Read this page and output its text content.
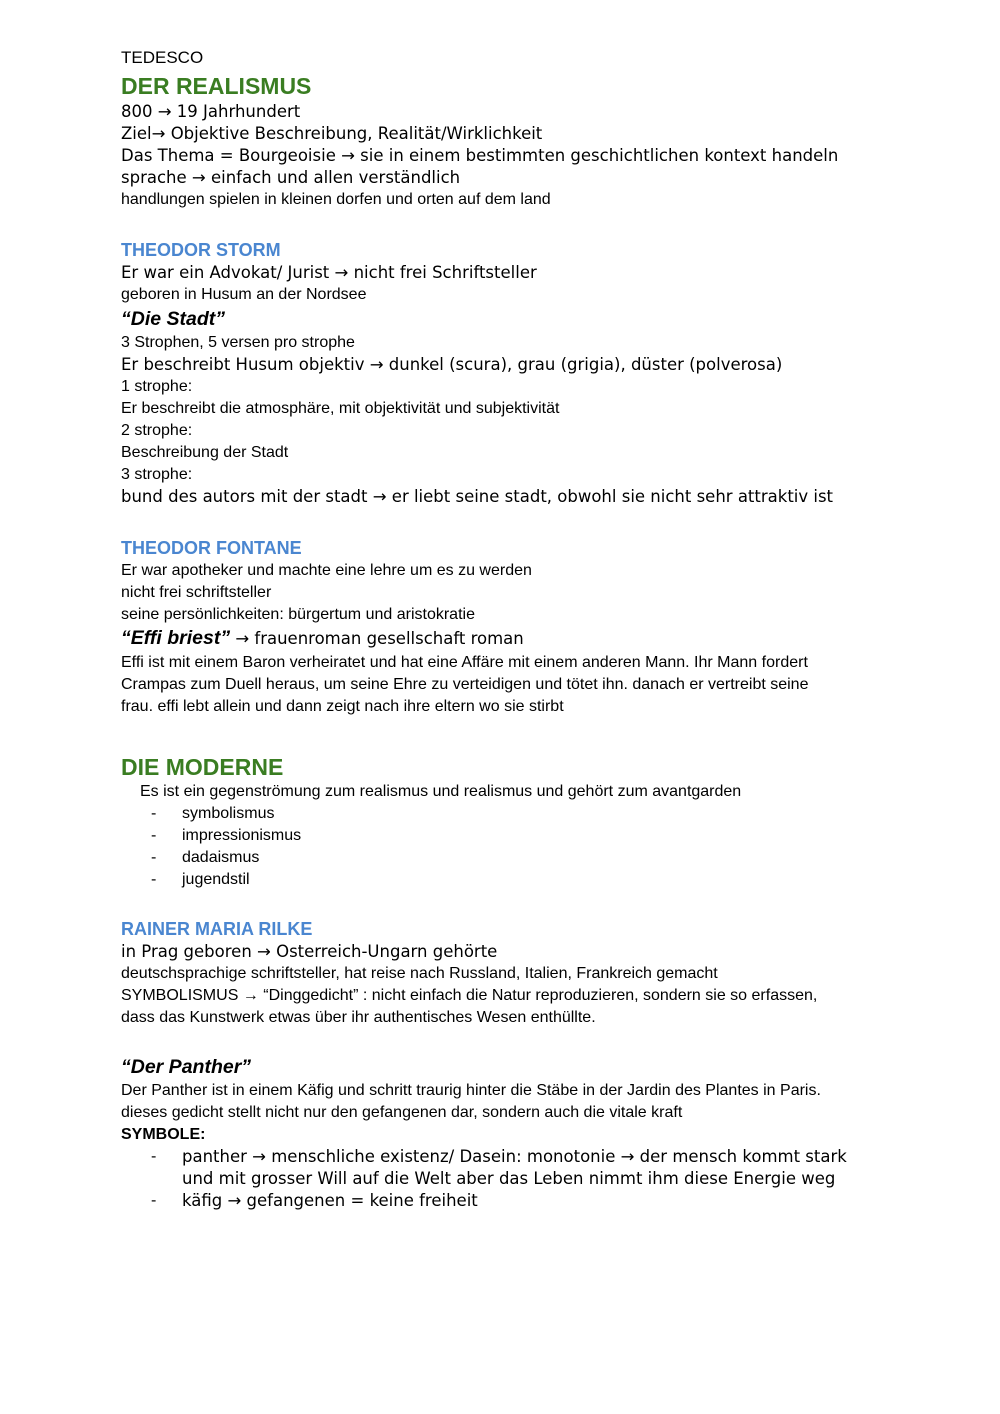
TEDESCO
DER REALISMUS
800 → 19 Jahrhundert
Ziel→ Objektive Beschreibung, Realität/Wirklichkeit
Das Thema = Bourgeoisie → sie in einem bestimmten geschichtlichen kontext handeln
sprache → einfach und allen verständlich
handlungen spielen in kleinen dorfen und orten auf dem land
THEODOR STORM
Er war ein Advokat/ Jurist → nicht frei Schriftsteller
geboren in Husum an der Nordsee
“Die Stadt”
3 Strophen, 5 versen pro strophe
Er beschreibt Husum objektiv → dunkel (scura), grau (grigia), düster (polverosa)
1 strophe:
Er beschreibt die atmosphäre, mit objektivität und subjektivität
2 strophe:
Beschreibung der Stadt
3 strophe:
bund des autors mit der stadt → er liebt seine stadt, obwohl sie nicht sehr attraktiv ist
THEODOR FONTANE
Er war apotheker und machte eine lehre um es zu werden
nicht frei schriftsteller
seine persönlichkeiten: bürgertum und aristokratie
“Effi briest” → frauenroman gesellschaft roman
Effi ist mit einem Baron verheiratet und hat eine Affäre mit einem anderen Mann. Ihr Mann fordert
Crampas zum Duell heraus, um seine Ehre zu verteidigen und tötet ihn. danach er vertreibt seine
frau. effi lebt allein und dann zeigt nach ihre eltern wo sie stirbt
DIE MODERNE
Es ist ein gegenströmung zum realismus und realismus und gehört zum avantgarden
- symbolismus
- impressionismus
- dadaismus
- jugendstil
RAINER MARIA RILKE
in Prag geboren → Osterreich-Ungarn gehörte
deutschsprachige schriftsteller, hat reise nach Russland, Italien, Frankreich gemacht
SYMBOLISMUS → “Dinggedicht” : nicht einfach die Natur reproduzieren, sondern sie so erfassen,
dass das Kunstwerk etwas über ihr authentisches Wesen enthüllte.
“Der Panther”
Der Panther ist in einem Käfig und schritt traurig hinter die Stäbe in der Jardin des Plantes in Paris.
dieses gedicht stellt nicht nur den gefangenen dar, sondern auch die vitale kraft
SYMBOLE:
- panther → menschliche existenz/ Dasein: monotonie → der mensch kommt stark
und mit grosser Will auf die Welt aber das Leben nimmt ihm diese Energie weg
- käfig → gefangenen = keine freiheit
